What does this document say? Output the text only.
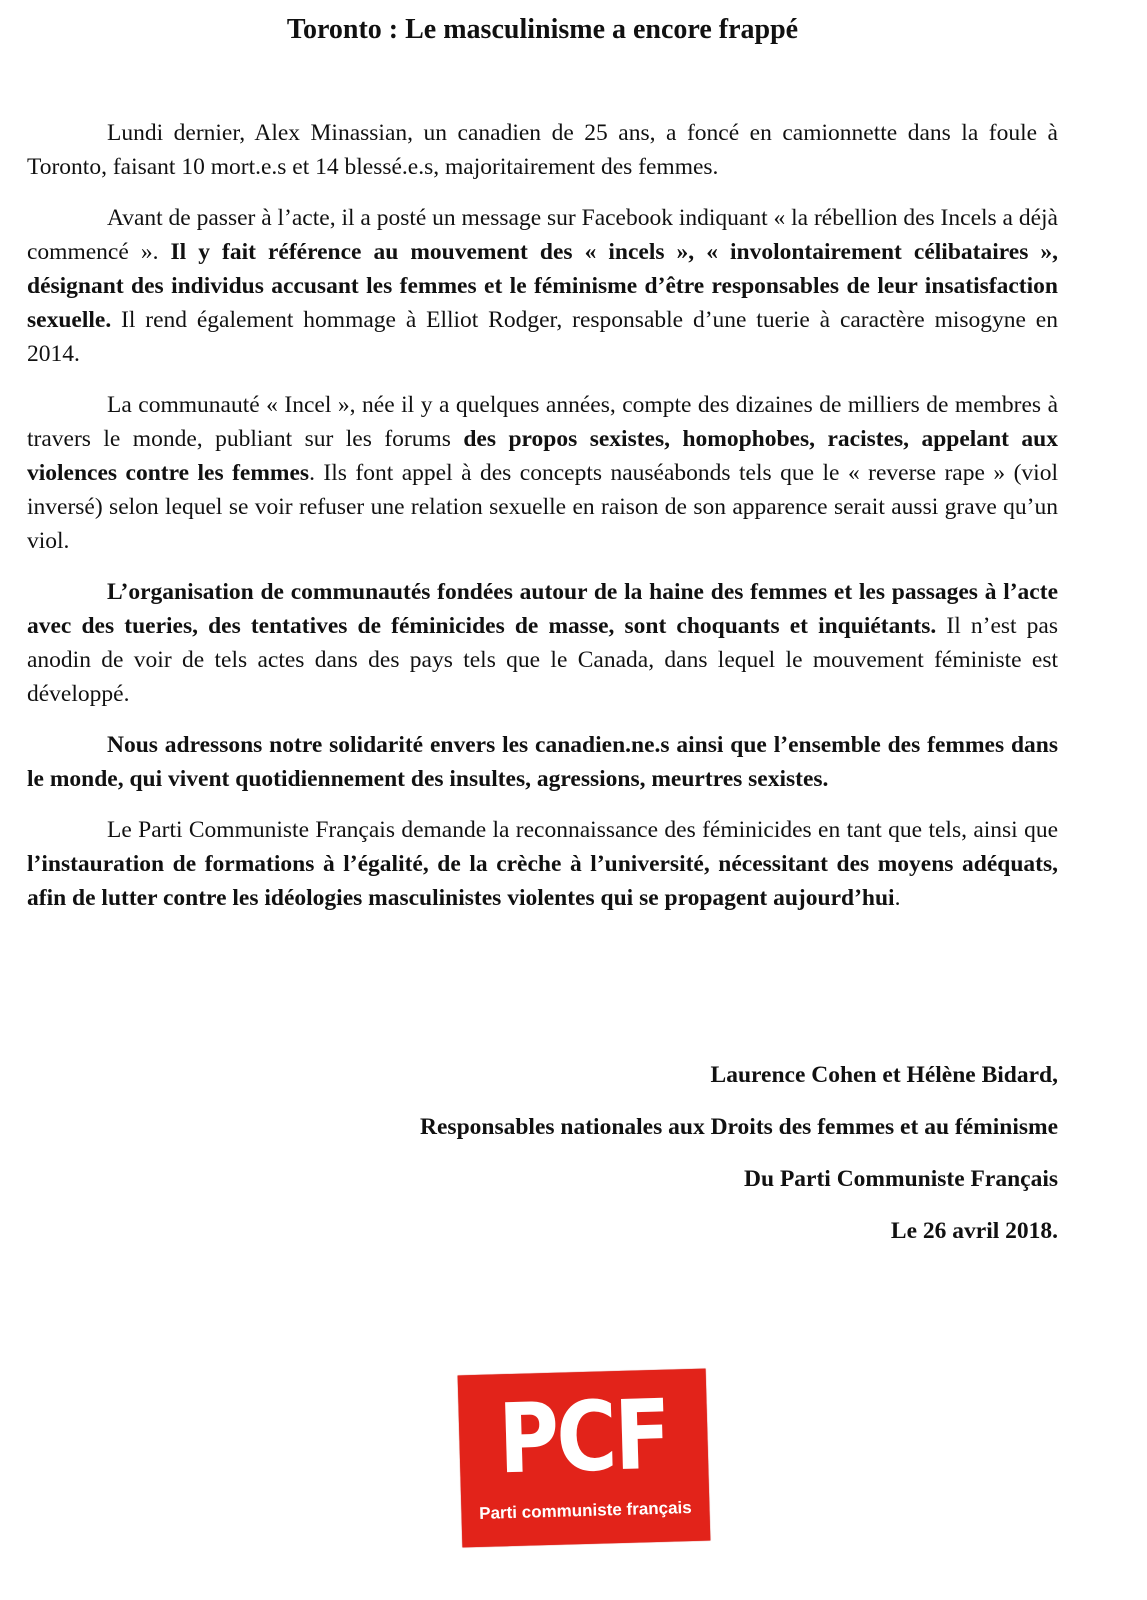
Toronto : Le masculinisme a encore frappé

Lundi dernier, Alex Minassian, un canadien de 25 ans, a foncé en camionnette dans la foule à Toronto, faisant 10 mort.e.s et 14 blessé.e.s, majoritairement des femmes.

Avant de passer à l’acte, il a posté un message sur Facebook indiquant « la rébellion des Incels a déjà commencé ». Il y fait référence au mouvement des « incels », « involontairement célibataires », désignant des individus accusant les femmes et le féminisme d’être responsables de leur insatisfaction sexuelle. Il rend également hommage à Elliot Rodger, responsable d’une tuerie à caractère misogyne en 2014.

La communauté « Incel », née il y a quelques années, compte des dizaines de milliers de membres à travers le monde, publiant sur les forums des propos sexistes, homophobes, racistes, appelant aux violences contre les femmes. Ils font appel à des concepts nauséabonds tels que le « reverse rape » (viol inversé) selon lequel se voir refuser une relation sexuelle en raison de son apparence serait aussi grave qu’un viol.

L’organisation de communautés fondées autour de la haine des femmes et les passages à l’acte avec des tueries, des tentatives de féminicides de masse, sont choquants et inquiétants. Il n’est pas anodin de voir de tels actes dans des pays tels que le Canada, dans lequel le mouvement féministe est développé.

Nous adressons notre solidarité envers les canadien.ne.s ainsi que l’ensemble des femmes dans le monde, qui vivent quotidiennement des insultes, agressions, meurtres sexistes.

Le Parti Communiste Français demande la reconnaissance des féminicides en tant que tels, ainsi que l’instauration de formations à l’égalité, de la crèche à l’université, nécessitant des moyens adéquats, afin de lutter contre les idéologies masculinistes violentes qui se propagent aujourd’hui.

Laurence Cohen et Hélène Bidard,
Responsables nationales aux Droits des femmes et au féminisme
Du Parti Communiste Français
Le 26 avril 2018.
PCF
Parti communiste français
